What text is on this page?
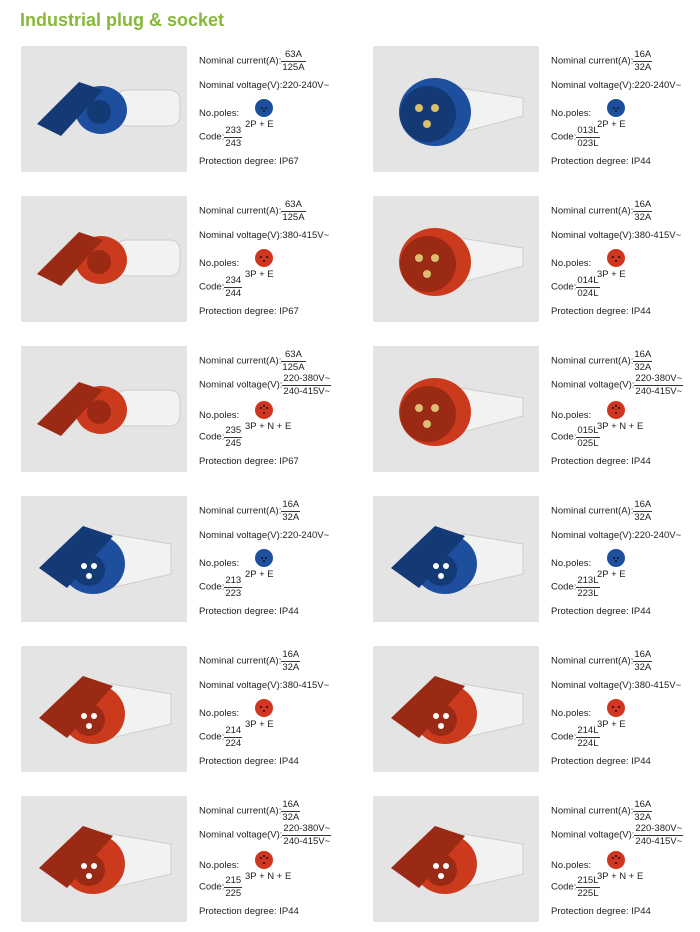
Industrial plug & socket
Nominal current(A): $\frac{63A}{125A}$
Nominal voltage(V):220-240V~
No.poles:
2P + E
Code: $\frac{233}{243}$
Protection degree: IP67
Nominal current(A): $\frac{16A}{32A}$
Nominal voltage(V):220-240V~
No.poles:
2P + E
Code: $\frac{013L}{023L}$
Protection degree: IP44
Nominal current(A): $\frac{63A}{125A}$
Nominal voltage(V):380-415V~
No.poles:
3P + E
Code: $\frac{234}{244}$
Protection degree: IP67
Nominal current(A): $\frac{16A}{32A}$
Nominal voltage(V):380-415V~
No.poles:
3P + E
Code: $\frac{014L}{024L}$
Protection degree: IP44
Nominal current(A): $\frac{63A}{125A}$
Nominal voltage(V): $\frac{220-380V\sim}{240-415V\sim}$
No.poles:
3P + N + E
Code: $\frac{235}{245}$
Protection degree: IP67
Nominal current(A): $\frac{16A}{32A}$
Nominal voltage(V): $\frac{220-380V\sim}{240-415V\sim}$
No.poles:
3P + N + E
Code: $\frac{015L}{025L}$
Protection degree: IP44
Nominal current(A): $\frac{16A}{32A}$
Nominal voltage(V):220-240V~
No.poles:
2P + E
Code: $\frac{213}{223}$
Protection degree: IP44
Nominal current(A): $\frac{16A}{32A}$
Nominal voltage(V):220-240V~
No.poles:
2P + E
Code: $\frac{213L}{223L}$
Protection degree: IP44
Nominal current(A): $\frac{16A}{32A}$
Nominal voltage(V):380-415V~
No.poles:
3P + E
Code: $\frac{214}{224}$
Protection degree: IP44
Nominal current(A): $\frac{16A}{32A}$
Nominal voltage(V):380-415V~
No.poles:
3P + E
Code: $\frac{214L}{224L}$
Protection degree: IP44
Nominal current(A): $\frac{16A}{32A}$
Nominal voltage(V): $\frac{220-380V\sim}{240-415V\sim}$
No.poles:
3P + N + E
Code: $\frac{215}{225}$
Protection degree: IP44
Nominal current(A): $\frac{16A}{32A}$
Nominal voltage(V): $\frac{220-380V\sim}{240-415V\sim}$
No.poles:
3P + N + E
Code: $\frac{215L}{225L}$
Protection degree: IP44
